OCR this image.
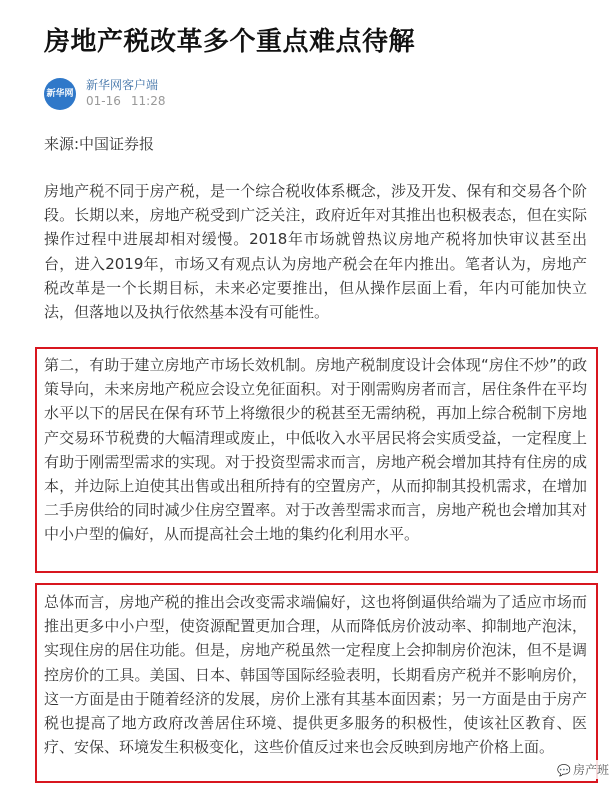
房地产税改革多个重点难点待解
新华网
新华网客户端
01-16 11:28
来源:中国证券报

房地产税不同于房产税，是一个综合税收体系概念，涉及开发、保有和交易各个阶段。长期以来，房地产税受到广泛关注，政府近年对其推出也积极表态，但在实际操作过程中进展却相对缓慢。2018年市场就曾热议房地产税将加快审议甚至出台，进入2019年，市场又有观点认为房地产税会在年内推出。笔者认为，房地产税改革是一个长期目标，未来必定要推出，但从操作层面上看，年内可能加快立法，但落地以及执行依然基本没有可能性。

第二，有助于建立房地产市场长效机制。房地产税制度设计会体现“房住不炒”的政策导向，未来房地产税应会设立免征面积。对于刚需购房者而言，居住条件在平均水平以下的居民在保有环节上将缴很少的税甚至无需纳税，再加上综合税制下房地产交易环节税费的大幅清理或废止，中低收入水平居民将会实质受益，一定程度上有助于刚需型需求的实现。对于投资型需求而言，房地产税会增加其持有住房的成本，并边际上迫使其出售或出租所持有的空置房产，从而抑制其投机需求，在增加二手房供给的同时减少住房空置率。对于改善型需求而言，房地产税也会增加其对中小户型的偏好，从而提高社会土地的集约化利用水平。

总体而言，房地产税的推出会改变需求端偏好，这也将倒逼供给端为了适应市场而推出更多中小户型，使资源配置更加合理，从而降低房价波动率、抑制地产泡沫，实现住房的居住功能。但是，房地产税虽然一定程度上会抑制房价泡沫，但不是调控房价的工具。美国、日本、韩国等国际经验表明，长期看房产税并不影响房价，这一方面是由于随着经济的发展，房价上涨有其基本面因素；另一方面是由于房产税也提高了地方政府改善居住环境、提供更多服务的积极性，使该社区教育、医疗、安保、环境发生积极变化，这些价值反过来也会反映到房地产价格上面。

💬 房产班
